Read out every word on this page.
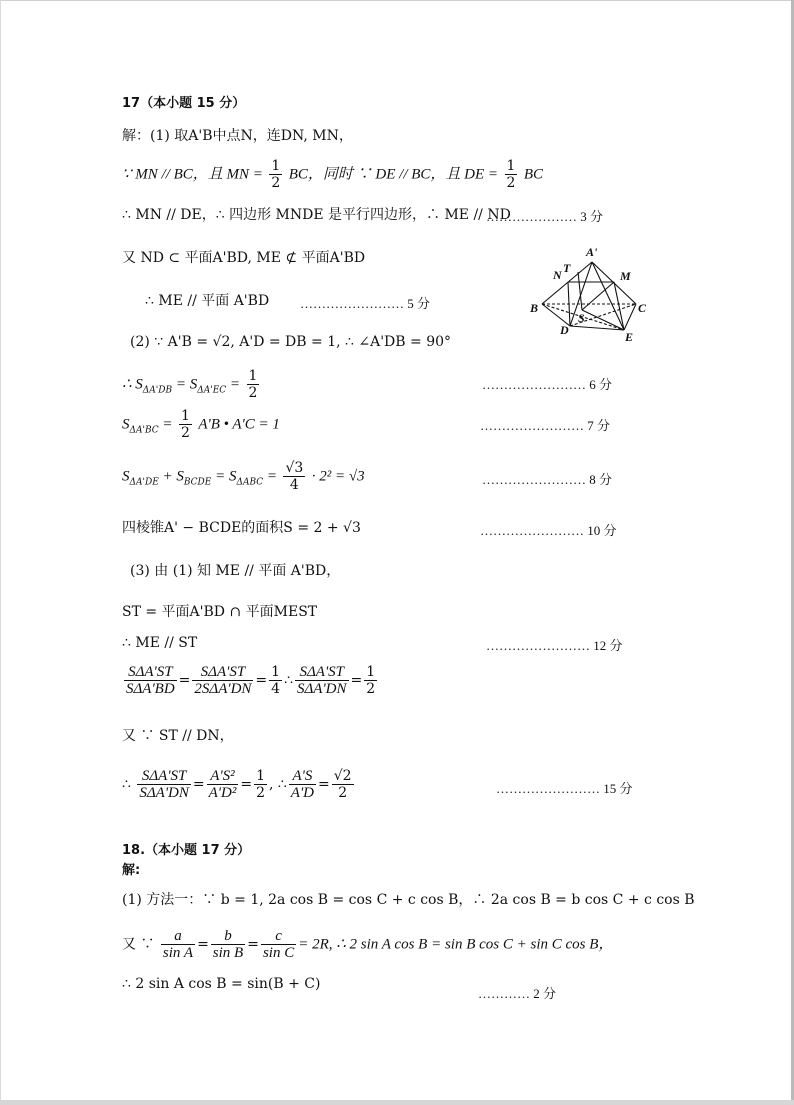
17（本小题 15 分）
解：(1) 取A'B中点N，连DN, MN，
∵ MN // BC，且 MN = $\frac{1}{2}$ BC，同时 ∵ DE // BC，且 DE = $\frac{1}{2}$ BC
∴ MN // DE，∴ 四边形 MNDE 是平行四边形，∴ ME // ND
………………… 3 分
又 ND ⊂ 平面A'BD, ME ⊄ 平面A'BD
∴ ME // 平面 A'BD …………………… 5 分
A'
N T
M
B	C
S
D	E
(2) ∵ A'B = √2, A'D = DB = 1, ∴ ∠A'DB = 90°
∴ $S_{\Delta A'DB} = S_{\Delta A'EC} = \frac{1}{2}$	…………………… 6 分
$S_{\Delta A'BC} = \frac{1}{2} A'B$ • A'C = 1	…………………… 7 分
$S_{\Delta A'DE} + S_{BCDE} = S_{\Delta ABC} = \frac{√3}{4} \cdot 2^2 = √3$	…………………… 8 分
四棱锥A' − BCDE的面积S = 2 + √3	…………………… 10 分
(3) 由 (1) 知 ME // 平面 A'BD，
ST = 平面A'BD ∩ 平面MEST
∴ ME // ST	…………………… 12 分
$\frac{\text{SΔA'ST}}{\text{SΔA'BD}} = \frac{\text{SΔA'ST}}{\text{2SΔA'DN}} = \frac{1}{4}$ ∴ $\frac{\text{SΔA'ST}}{\text{SΔA'DN}} = \frac{1}{2}$
又 ∵ ST // DN，
∴ $\frac{\text{SΔA'ST}}{\text{SΔA'DN}} = \frac{\text{A'S²}}{\text{A'D²}} = \frac{1}{2}$ , ∴ $\frac{A'S}{A'D} = \frac{√2}{2}$	…………………… 15 分
18.（本小题 17 分）
解:
(1) 方法一：∵ b = 1, 2a cos B = cos C + c cos B，∴ 2a cos B = b cos C + c cos B
又 ∵ $\frac{a}{\text{sin A}} = \frac{b}{\text{sin B}} = \frac{c}{\text{sin C}} = 2R$, ∴ 2 sin A cos B = sin B cos C + sin C cos B，
∴ 2 sin A cos B = sin(B + C)
………… 2 分
